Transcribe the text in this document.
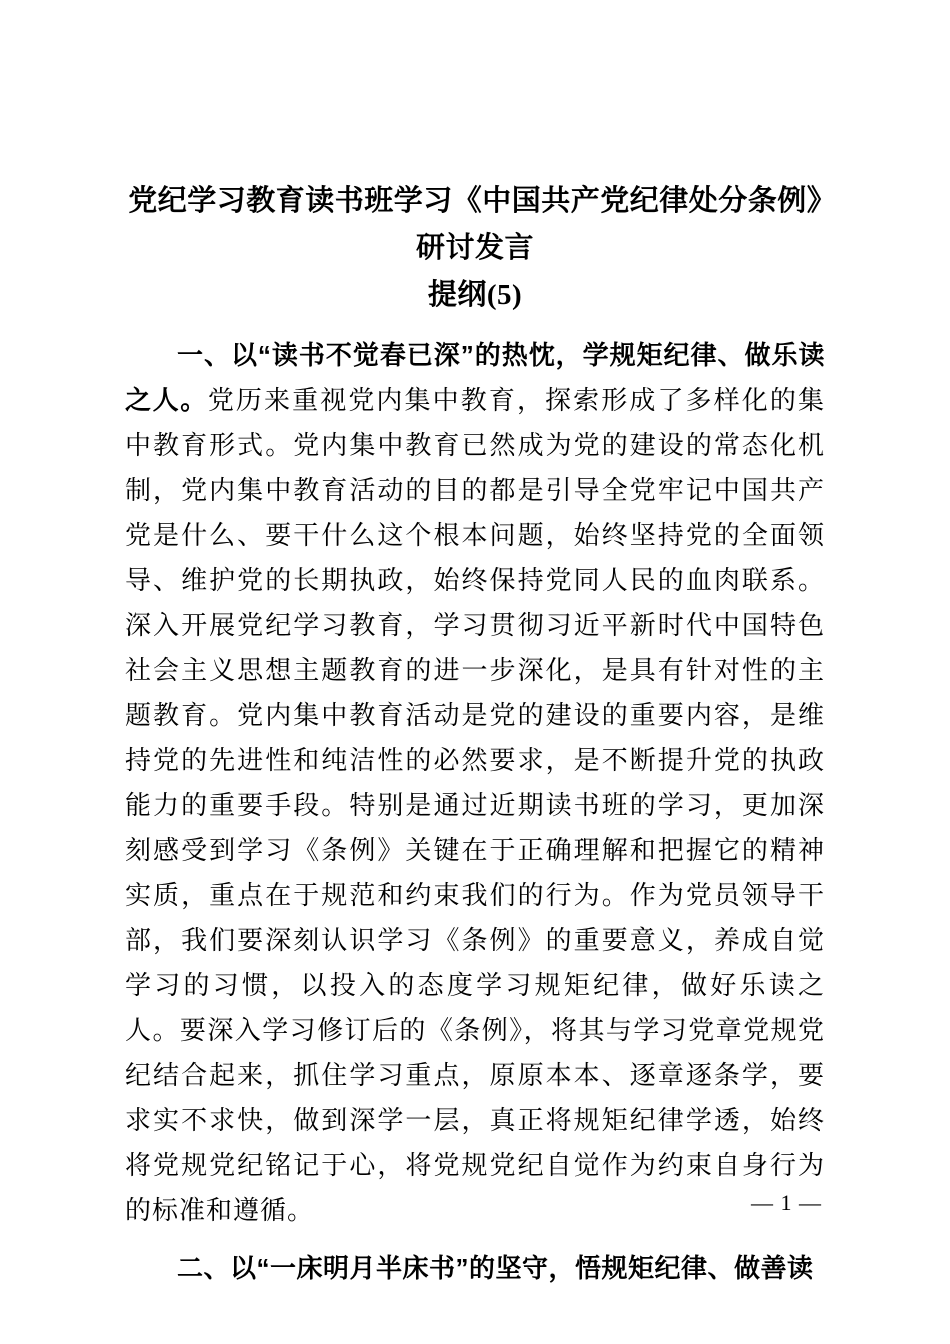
党纪学习教育读书班学习《中国共产党纪律处分条例》研讨发言
提纲(5)

一、以“读书不觉春已深”的热忱，学规矩纪律、做乐读之人。党历来重视党内集中教育，探索形成了多样化的集中教育形式。党内集中教育已然成为党的建设的常态化机制，党内集中教育活动的目的都是引导全党牢记中国共产党是什么、要干什么这个根本问题，始终坚持党的全面领导、维护党的长期执政，始终保持党同人民的血肉联系。深入开展党纪学习教育，学习贯彻习近平新时代中国特色社会主义思想主题教育的进一步深化，是具有针对性的主题教育。党内集中教育活动是党的建设的重要内容，是维持党的先进性和纯洁性的必然要求，是不断提升党的执政能力的重要手段。特别是通过近期读书班的学习，更加深刻感受到学习《条例》关键在于正确理解和把握它的精神实质，重点在于规范和约束我们的行为。作为党员领导干部，我们要深刻认识学习《条例》的重要意义，养成自觉学习的习惯，以投入的态度学习规矩纪律，做好乐读之人。要深入学习修订后的《条例》，将其与学习党章党规党纪结合起来，抓住学习重点，原原本本、逐章逐条学，要求实不求快，做到深学一层，真正将规矩纪律学透，始终将党规党纪铭记于心，将党规党纪自觉作为约束自身行为的标准和遵循。

二、以“一床明月半床书”的坚守，悟规矩纪律、做善读

— 1 —
